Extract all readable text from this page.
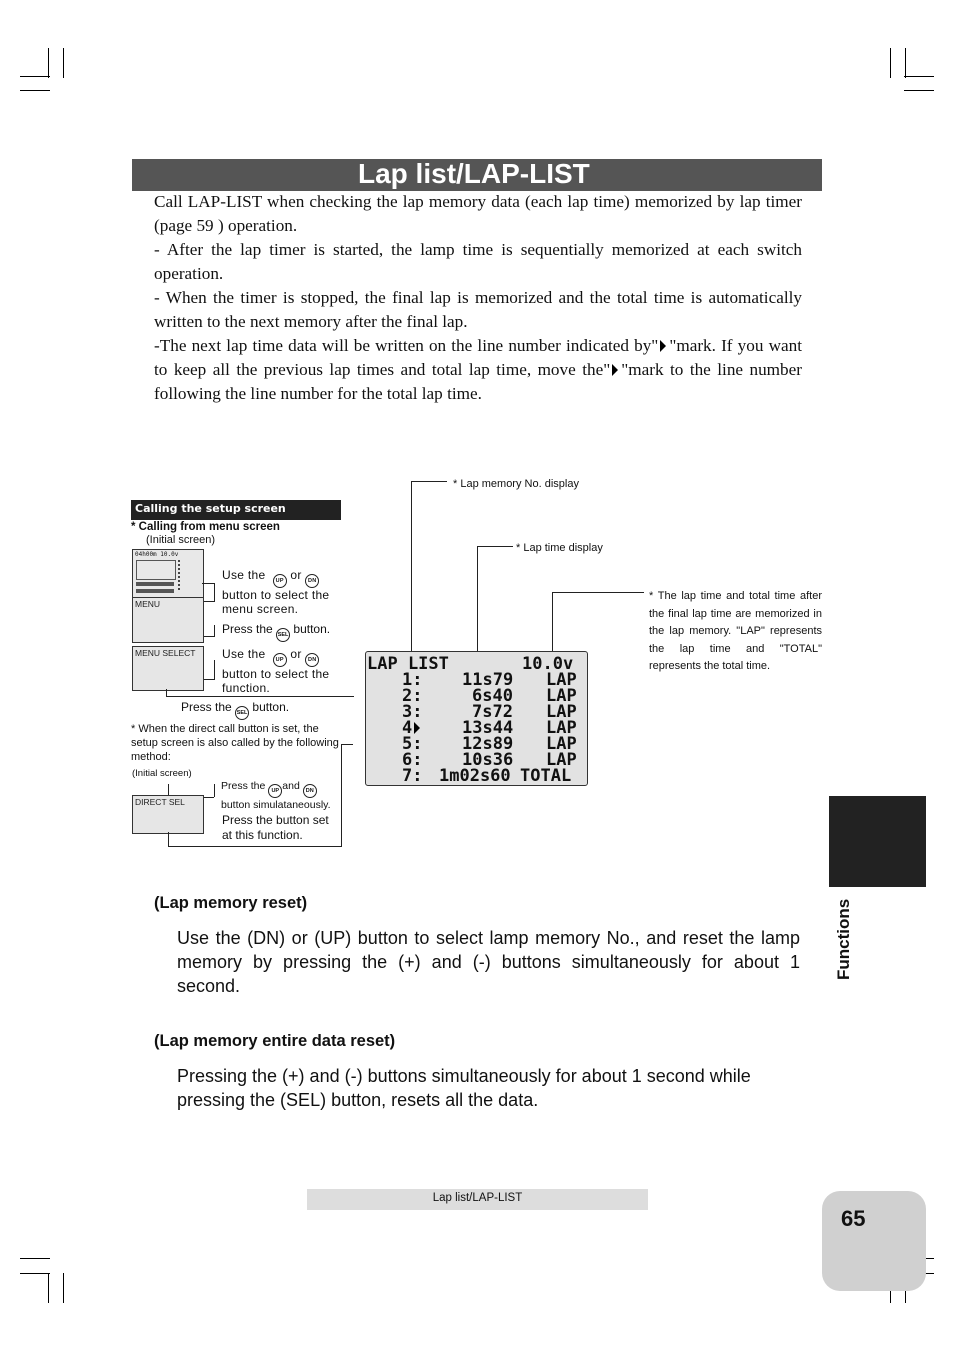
Lap list/LAP-LIST

Call LAP-LIST when checking the lap memory data (each lap time) memorized by lap timer (page 59 ) operation.

- After the lap timer is started, the lamp time is sequentially memorized at each switch operation.

- When the timer is stopped, the final lap is memorized and the total time is automatically written to the next memory after the final lap.

-The next lap time data will be written on the line number indicated by" "mark. If you want to keep all the previous lap times and total lap time, move the" "mark to the line number following the line number for the total lap time.

Calling the setup screen
* Calling from menu screen
(Initial screen)
04h00m 10.0v
Use the UP or DN button to select the menu screen.
MENU
Press the SEL button.
MENU SELECT Use the UP or DN button to select the function.
Press the SEL button.
* When the direct call button is set, the setup screen is also called by the following method:
(Initial screen)
Press the UP and DN button simulataneously.
DIRECT SEL
Press the button set at this function.
* Lap memory No. display
* Lap time display
* The lap time and total time after the final lap time are memorized in the lap memory. "LAP" represents the lap time and "TOTAL" represents the total time.

LAP LIST

	10.0v

1: 11s79 LAP
2:	6s40 LAP
3:	7s72 LAP
4	13s44 LAP
5: 12s89 LAP
6: 10s36 LAP
7: 1m02s60 TOTAL
(Lap memory reset)
Use the (DN) or (UP) button to select lamp memory No., and reset the lamp memory by pressing the (+) and (-) buttons simultaneously for about 1 second.
(Lap memory entire data reset)
Pressing the (+) and (-) buttons simultaneously for about 1 second while pressing the (SEL) button, resets all the data.
Functions
Lap list/LAP-LIST
65
